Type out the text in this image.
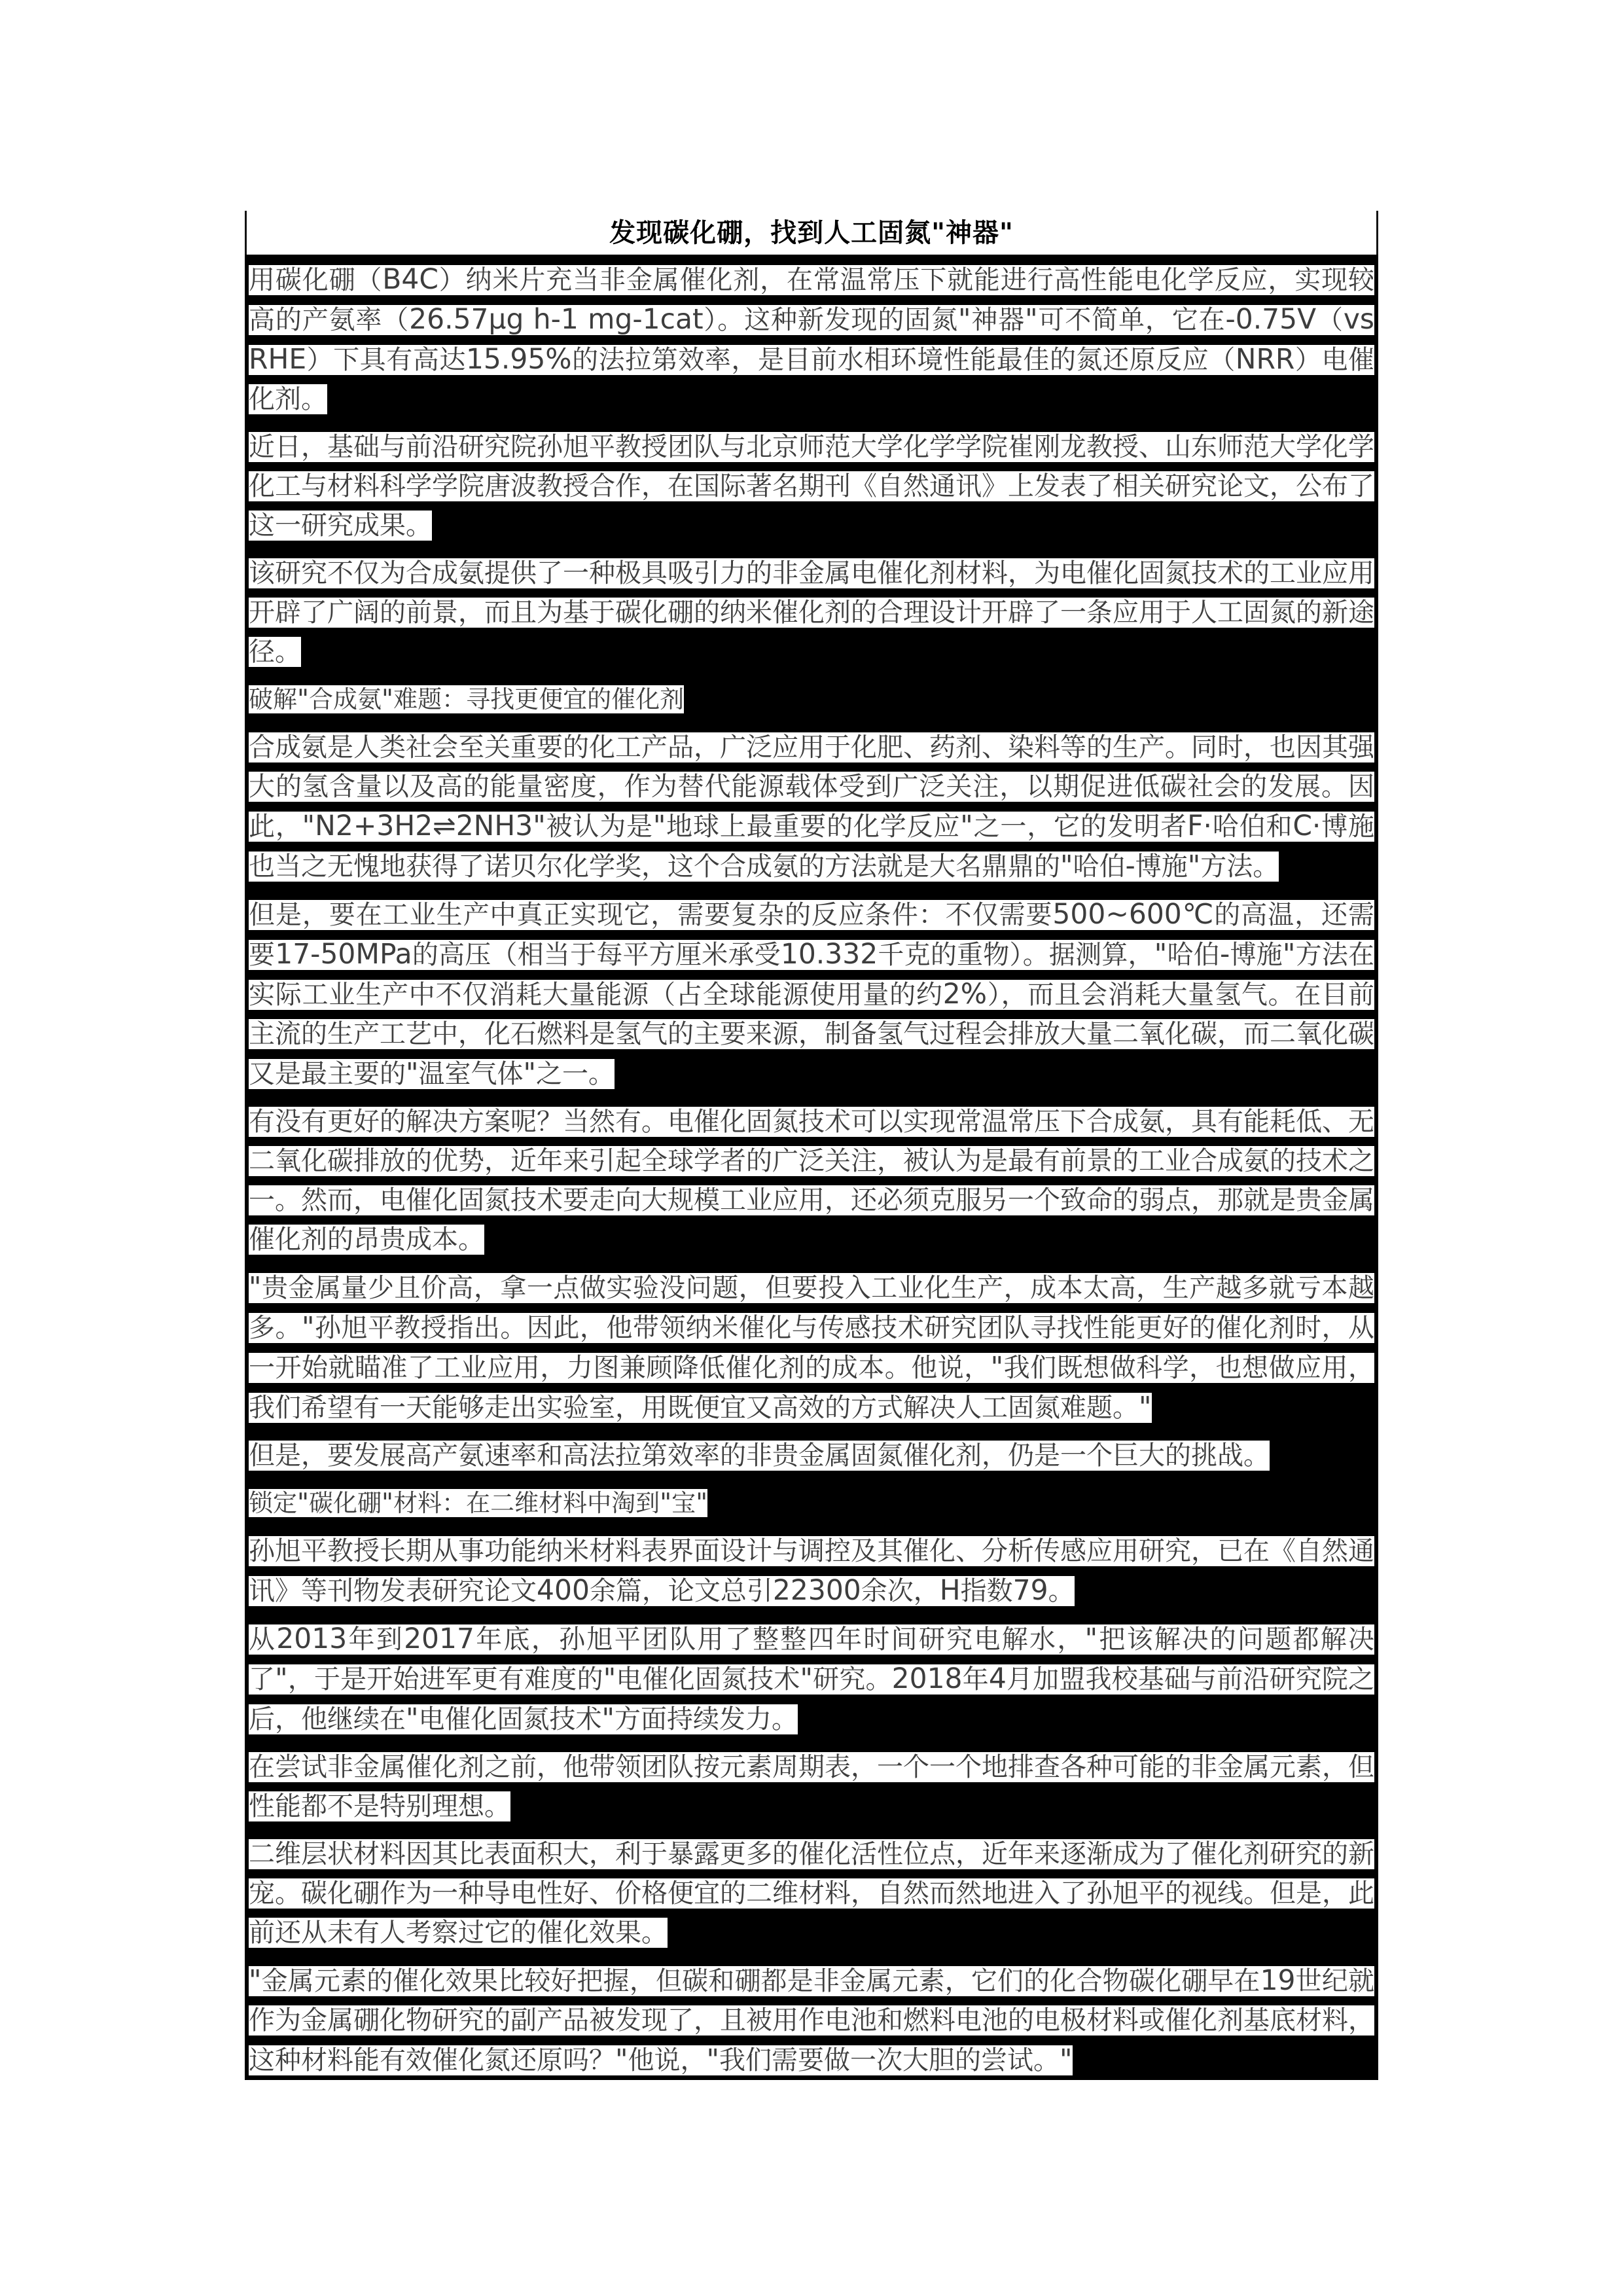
发现碳化硼，找到人工固氮"神器"

用碳化硼（B4C）纳米片充当非金属催化剂，在常温常压下就能进行高性能电化学反应，实现较高的产氨率（26.57μg h-1 mg-1cat）。这种新发现的固氮"神器"可不简单，它在-0.75V（vs RHE）下具有高达15.95%的法拉第效率，是目前水相环境性能最佳的氮还原反应（NRR）电催化剂。

近日，基础与前沿研究院孙旭平教授团队与北京师范大学化学学院崔刚龙教授、山东师范大学化学化工与材料科学学院唐波教授合作，在国际著名期刊《自然通讯》上发表了相关研究论文，公布了这一研究成果。

该研究不仅为合成氨提供了一种极具吸引力的非金属电催化剂材料，为电催化固氮技术的工业应用开辟了广阔的前景，而且为基于碳化硼的纳米催化剂的合理设计开辟了一条应用于人工固氮的新途径。

破解"合成氨"难题：寻找更便宜的催化剂

合成氨是人类社会至关重要的化工产品，广泛应用于化肥、药剂、染料等的生产。同时，也因其强大的氢含量以及高的能量密度，作为替代能源载体受到广泛关注，以期促进低碳社会的发展。因此，"N2+3H2⇌2NH3"被认为是"地球上最重要的化学反应"之一，它的发明者F·哈伯和C·博施也当之无愧地获得了诺贝尔化学奖，这个合成氨的方法就是大名鼎鼎的"哈伯-博施"方法。

但是，要在工业生产中真正实现它，需要复杂的反应条件：不仅需要500~600℃的高温，还需要17-50MPa的高压（相当于每平方厘米承受10.332千克的重物）。据测算，"哈伯-博施"方法在实际工业生产中不仅消耗大量能源（占全球能源使用量的约2%），而且会消耗大量氢气。在目前主流的生产工艺中，化石燃料是氢气的主要来源，制备氢气过程会排放大量二氧化碳，而二氧化碳又是最主要的"温室气体"之一。

有没有更好的解决方案呢？当然有。电催化固氮技术可以实现常温常压下合成氨，具有能耗低、无二氧化碳排放的优势，近年来引起全球学者的广泛关注，被认为是最有前景的工业合成氨的技术之一。然而，电催化固氮技术要走向大规模工业应用，还必须克服另一个致命的弱点，那就是贵金属催化剂的昂贵成本。

"贵金属量少且价高，拿一点做实验没问题，但要投入工业化生产，成本太高，生产越多就亏本越多。"孙旭平教授指出。因此，他带领纳米催化与传感技术研究团队寻找性能更好的催化剂时，从一开始就瞄准了工业应用，力图兼顾降低催化剂的成本。他说，"我们既想做科学，也想做应用，我们希望有一天能够走出实验室，用既便宜又高效的方式解决人工固氮难题。"

但是，要发展高产氨速率和高法拉第效率的非贵金属固氮催化剂，仍是一个巨大的挑战。

锁定"碳化硼"材料：在二维材料中淘到"宝"

孙旭平教授长期从事功能纳米材料表界面设计与调控及其催化、分析传感应用研究，已在《自然通讯》等刊物发表研究论文400余篇，论文总引22300余次，H指数79。

从2013年到2017年底，孙旭平团队用了整整四年时间研究电解水，"把该解决的问题都解决了"，于是开始进军更有难度的"电催化固氮技术"研究。2018年4月加盟我校基础与前沿研究院之后，他继续在"电催化固氮技术"方面持续发力。

在尝试非金属催化剂之前，他带领团队按元素周期表，一个一个地排查各种可能的非金属元素，但性能都不是特别理想。

二维层状材料因其比表面积大，利于暴露更多的催化活性位点，近年来逐渐成为了催化剂研究的新宠。碳化硼作为一种导电性好、价格便宜的二维材料，自然而然地进入了孙旭平的视线。但是，此前还从未有人考察过它的催化效果。

"金属元素的催化效果比较好把握，但碳和硼都是非金属元素，它们的化合物碳化硼早在19世纪就作为金属硼化物研究的副产品被发现了，且被用作电池和燃料电池的电极材料或催化剂基底材料，这种材料能有效催化氮还原吗？"他说，"我们需要做一次大胆的尝试。"
